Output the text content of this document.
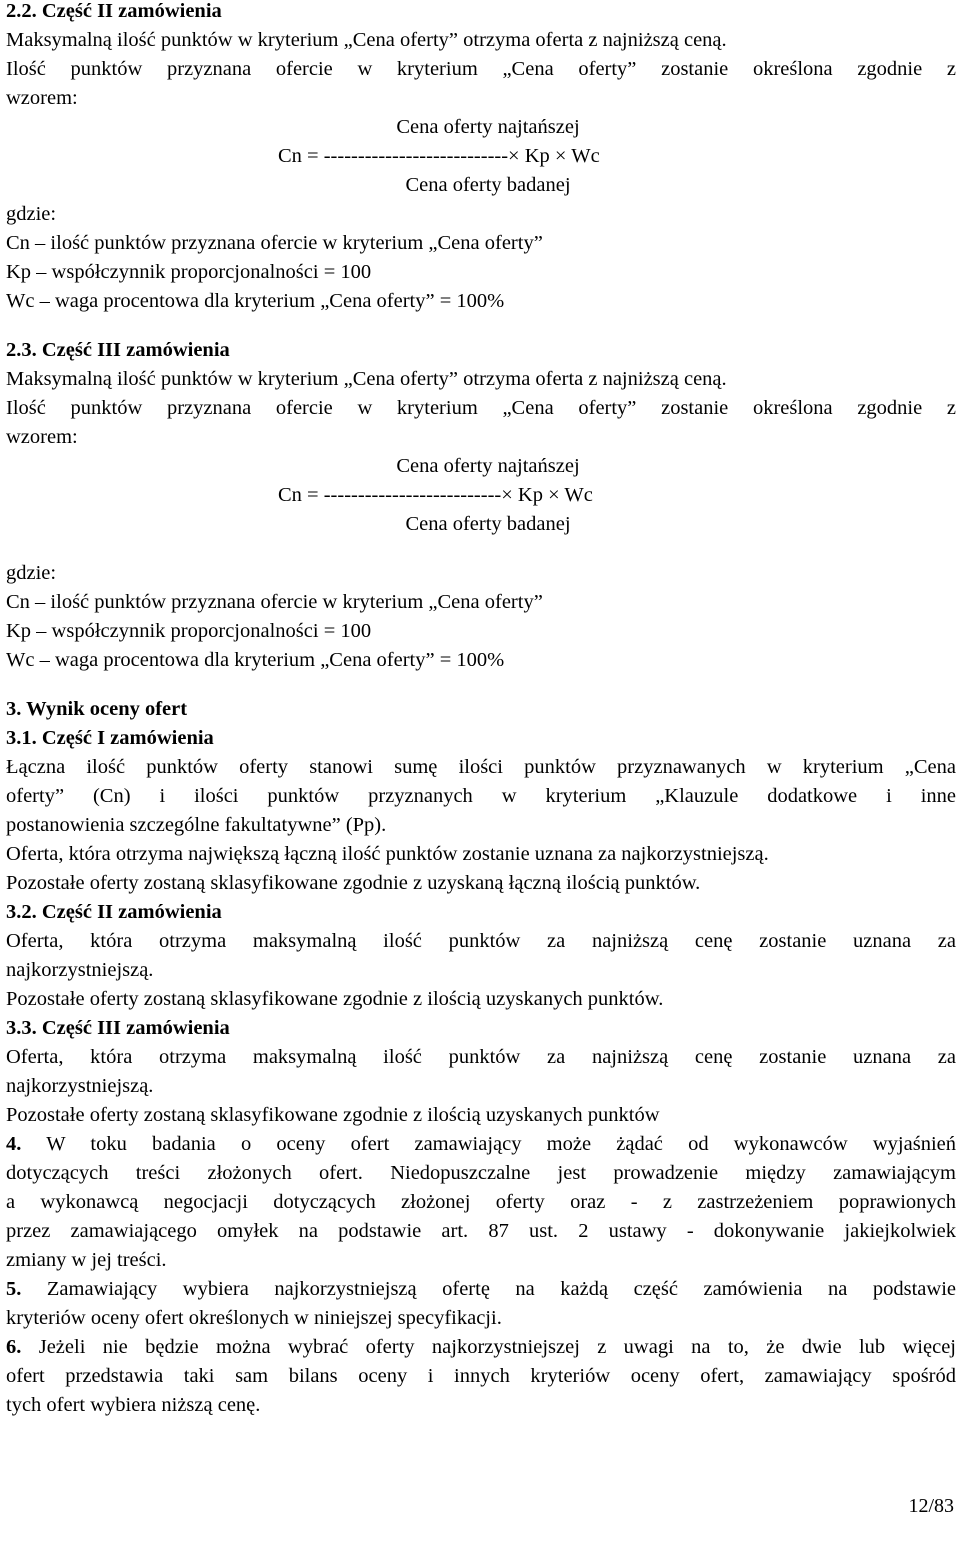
2.2. Część II zamówienia
Maksymalną ilość punktów w kryterium „Cena oferty” otrzyma oferta z najniższą ceną.
Ilość punktów przyznana ofercie w kryterium „Cena oferty” zostanie określona zgodnie z
wzorem:
Cena oferty najtańszej
Cn = ---------------------------× Kp × Wc
Cena oferty badanej
gdzie:
Cn – ilość punktów przyznana ofercie w kryterium „Cena oferty”
Kp – współczynnik proporcjonalności = 100
Wc – waga procentowa dla kryterium „Cena oferty” = 100%
2.3. Część III zamówienia
Maksymalną ilość punktów w kryterium „Cena oferty” otrzyma oferta z najniższą ceną.
Ilość punktów przyznana ofercie w kryterium „Cena oferty” zostanie określona zgodnie z
wzorem:
Cena oferty najtańszej
Cn = --------------------------× Kp × Wc
Cena oferty badanej
gdzie:
Cn – ilość punktów przyznana ofercie w kryterium „Cena oferty”
Kp – współczynnik proporcjonalności = 100
Wc – waga procentowa dla kryterium „Cena oferty” = 100%
3. Wynik oceny ofert
3.1. Część I zamówienia
Łączna ilość punktów oferty stanowi sumę ilości punktów przyznawanych w kryterium „Cena
oferty” (Cn) i ilości punktów przyznanych w kryterium „Klauzule dodatkowe i inne
postanowienia szczególne fakultatywne” (Pp).
Oferta, która otrzyma największą łączną ilość punktów zostanie uznana za najkorzystniejszą.
Pozostałe oferty zostaną sklasyfikowane zgodnie z uzyskaną łączną ilością punktów.
3.2. Część II zamówienia
Oferta, która otrzyma maksymalną ilość punktów za najniższą cenę zostanie uznana za
najkorzystniejszą.
Pozostałe oferty zostaną sklasyfikowane zgodnie z ilością uzyskanych punktów.
3.3. Część III zamówienia
Oferta, która otrzyma maksymalną ilość punktów za najniższą cenę zostanie uznana za
najkorzystniejszą.
Pozostałe oferty zostaną sklasyfikowane zgodnie z ilością uzyskanych punktów
4. W toku badania o oceny ofert zamawiający może żądać od wykonawców wyjaśnień
dotyczących treści złożonych ofert. Niedopuszczalne jest prowadzenie między zamawiającym
a wykonawcą negocjacji dotyczących złożonej oferty oraz - z zastrzeżeniem poprawionych
przez zamawiającego omyłek na podstawie art. 87 ust. 2 ustawy - dokonywanie jakiejkolwiek
zmiany w jej treści.
5. Zamawiający wybiera najkorzystniejszą ofertę na każdą część zamówienia na podstawie
kryteriów oceny ofert określonych w niniejszej specyfikacji.
6. Jeżeli nie będzie można wybrać oferty najkorzystniejszej z uwagi na to, że dwie lub więcej
ofert przedstawia taki sam bilans oceny i innych kryteriów oceny ofert, zamawiający spośród
tych ofert wybiera niższą cenę.
12/83
